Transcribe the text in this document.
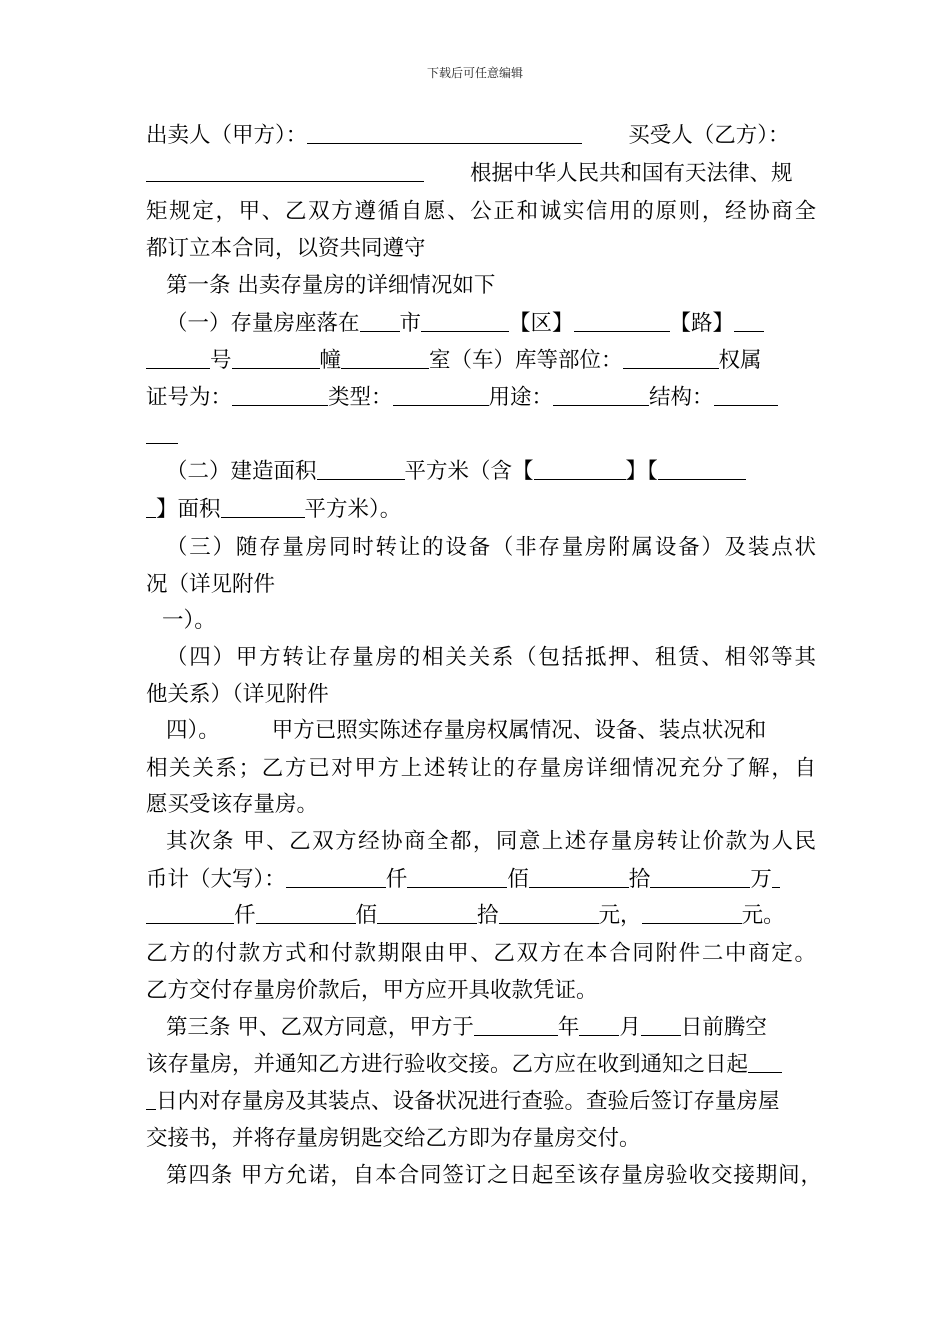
下载后可任意编辑
出卖人（甲方）：	买受人（乙方）：
根据中华人民共和国有天法律、规
矩规定，甲、乙双方遵循自愿、公正和诚实信用的原则，经协商全
都订立本合同，以资共同遵守
第一条 出卖存量房的详细情况如下
（一）存量房座落在 市	【区】	【路】
号	幢	室（车）库等部位：	权属
证号为：	类型：	用途：	结构：
（二）建造面积	平方米（含【	】【
】面积	平方米）。
（三）随存量房同时转让的设备（非存量房附属设备）及装点状
况（详见附件
一）。
（四）甲方转让存量房的相关关系（包括抵押、租赁、相邻等其
他关系）（详见附件
四）。 甲方已照实陈述存量房权属情况、设备、装点状况和
相关关系；乙方已对甲方上述转让的存量房详细情况充分了解，自
愿买受该存量房。
其次条 甲、乙双方经协商全都，同意上述存量房转让价款为人民
币计（大写）：	仟	佰	拾	万
仟	佰	拾	元，	元。
乙方的付款方式和付款期限由甲、乙双方在本合同附件二中商定。
乙方交付存量房价款后，甲方应开具收款凭证。
第三条 甲、乙双方同意，甲方于	年 月 日前腾空
该存量房，并通知乙方进行验收交接。乙方应在收到通知之日起
日内对存量房及其装点、设备状况进行查验。查验后签订存量房屋
交接书，并将存量房钥匙交给乙方即为存量房交付。
第四条 甲方允诺，自本合同签订之日起至该存量房验收交接期间，
